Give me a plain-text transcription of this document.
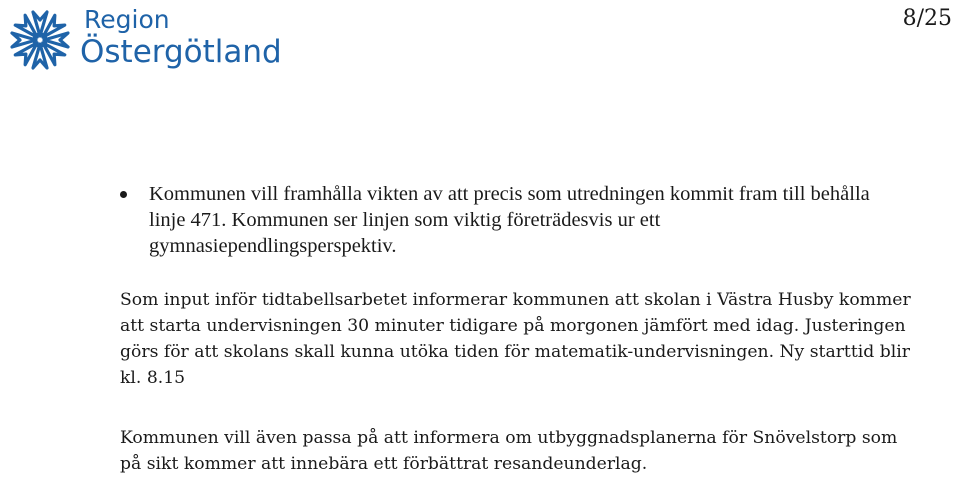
Region
Östergötland
8/25
Kommunen vill framhålla vikten av att precis som utredningen kommit fram till behålla linje 471. Kommunen ser linjen som viktig företrädesvis ur ett gymnasiependlingsperspektiv.
Som input inför tidtabellsarbetet informerar kommunen att skolan i Västra Husby kommer att starta undervisningen 30 minuter tidigare på morgonen jämfört med idag. Justeringen görs för att skolans skall kunna utöka tiden för matematik-undervisningen. Ny starttid blir kl. 8.15
Kommunen vill även passa på att informera om utbyggnadsplanerna för Snövelstorp som på sikt kommer att innebära ett förbättrat resandeunderlag.
